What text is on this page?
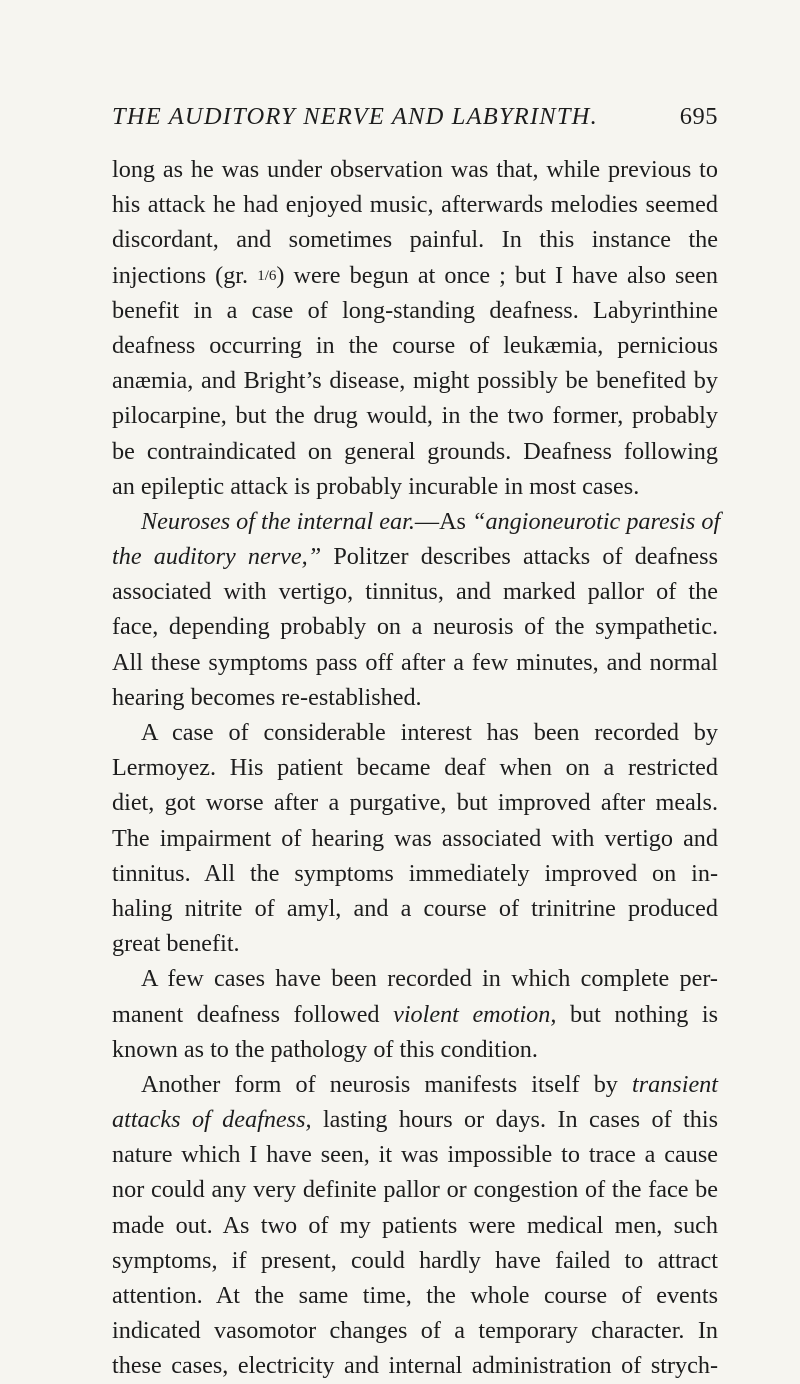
THE AUDITORY NERVE AND LABYRINTH.	695
long as he was under observation was that, while previous to
his attack he had enjoyed music, afterwards melodies seemed
discordant, and sometimes painful. In this instance the
injections (gr. 1/6) were begun at once ; but I have also seen
benefit in a case of long-standing deafness. Labyrinthine
deafness occurring in the course of leukæmia, pernicious
anæmia, and Bright’s disease, might possibly be benefited by
pilocarpine, but the drug would, in the two former, probably
be contraindicated on general grounds. Deafness following
an epileptic attack is probably incurable in most cases.
Neuroses of the internal ear.—As “angioneurotic paresis of
the auditory nerve,” Politzer describes attacks of deafness
associated with vertigo, tinnitus, and marked pallor of the
face, depending probably on a neurosis of the sympathetic.
All these symptoms pass off after a few minutes, and normal
hearing becomes re-established.
A case of considerable interest has been recorded by
Lermoyez. His patient became deaf when on a restricted
diet, got worse after a purgative, but improved after meals.
The impairment of hearing was associated with vertigo and
tinnitus. All the symptoms immediately improved on in-
haling nitrite of amyl, and a course of trinitrine produced
great benefit.
A few cases have been recorded in which complete per-
manent deafness followed violent emotion, but nothing is
known as to the pathology of this condition.
Another form of neurosis manifests itself by transient
attacks of deafness, lasting hours or days. In cases of this
nature which I have seen, it was impossible to trace a cause
nor could any very definite pallor or congestion of the face be
made out. As two of my patients were medical men, such
symptoms, if present, could hardly have failed to attract
attention. At the same time, the whole course of events
indicated vasomotor changes of a temporary character. In
these cases, electricity and internal administration of strych-
